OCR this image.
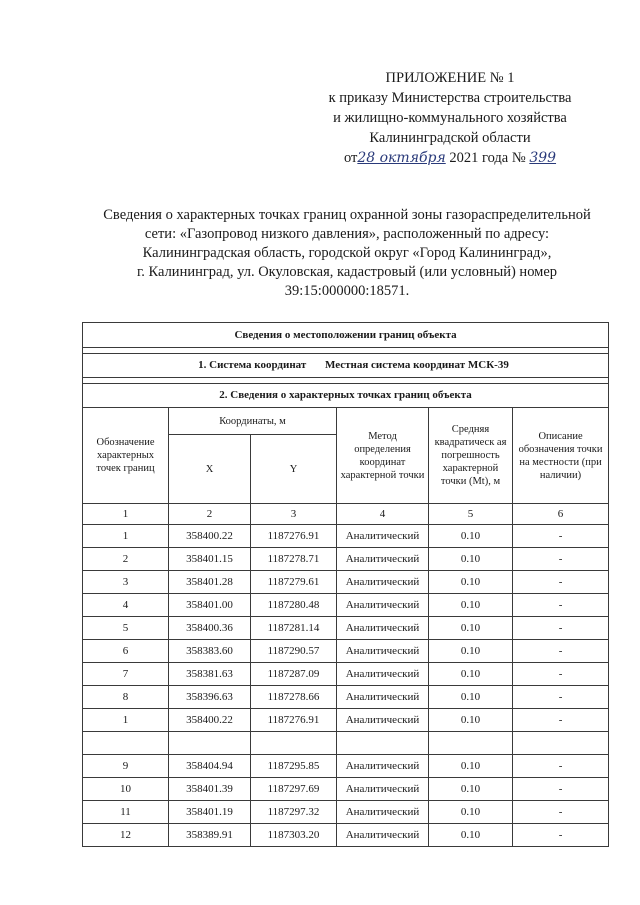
ПРИЛОЖЕНИЕ № 1
к приказу Министерства строительства
и жилищно-коммунального хозяйства
Калининградской области
от28 октября 2021 года № 399
Сведения о характерных точках границ охранной зоны газораспределительной
сети: «Газопровод низкого давления», расположенный по адресу:
Калининградская область, городской округ «Город Калининград»,
г. Калининград, ул. Окуловская, кадастровый (или условный) номер
39:15:000000:18571.
Сведения о местоположении границ объекта					

1. Система координат Местная система координат МСК-39					

2. Сведения о характерных точках границ объекта					
Обозначение характерных точек границ	Координаты, м		Метод определения координат характерной точки	Средняя квадратическ ая погрешность характерной точки (Mt), м	Описание обозначения точки на местности (при наличии)
	X	Y			
1	2	3	4	5	6
1	358400.22	1187276.91	Аналитический	0.10	-
2	358401.15	1187278.71	Аналитический	0.10	-
3	358401.28	1187279.61	Аналитический	0.10	-
4	358401.00	1187280.48	Аналитический	0.10	-
5	358400.36	1187281.14	Аналитический	0.10	-
6	358383.60	1187290.57	Аналитический	0.10	-
7	358381.63	1187287.09	Аналитический	0.10	-
8	358396.63	1187278.66	Аналитический	0.10	-
1	358400.22	1187276.91	Аналитический	0.10	-

9	358404.94	1187295.85	Аналитический	0.10	-
10	358401.39	1187297.69	Аналитический	0.10	-
11	358401.19	1187297.32	Аналитический	0.10	-
12	358389.91	1187303.20	Аналитический	0.10	-
